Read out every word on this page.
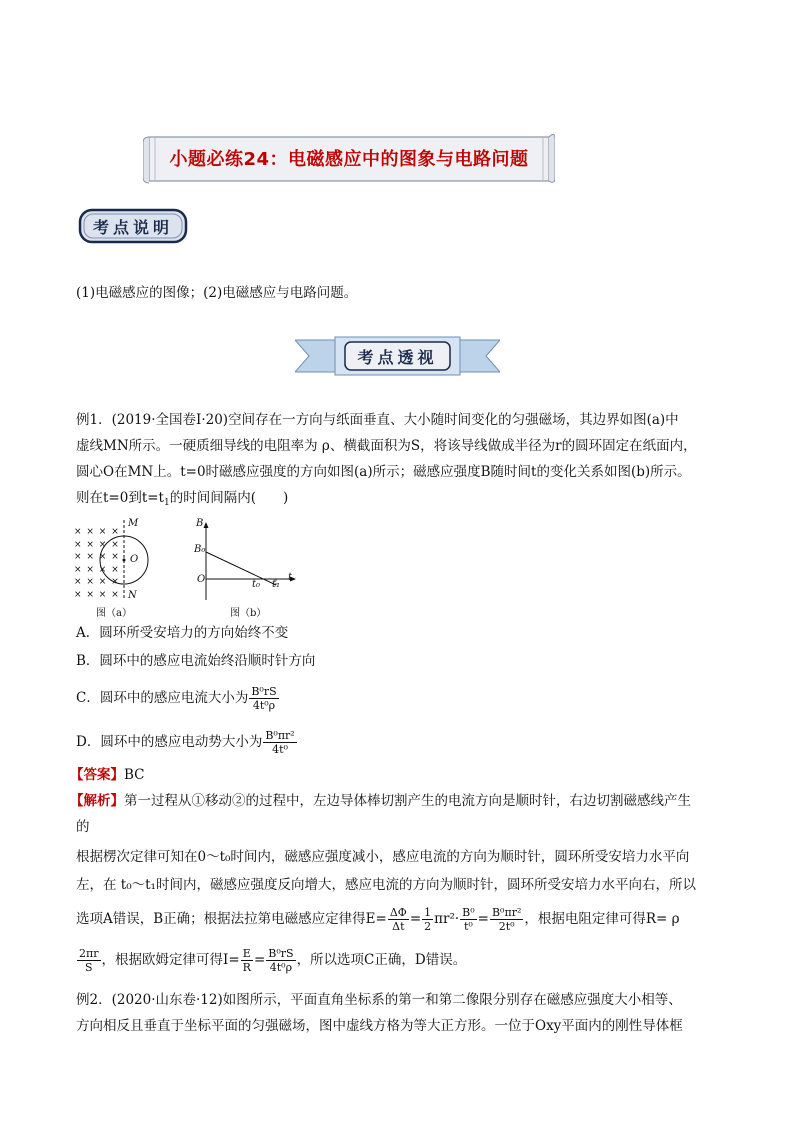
小题必练24：电磁感应中的图象与电路问题
考点说明
(1)电磁感应的图像；(2)电磁感应与电路问题。
考点透视
例1．(2019·全国卷Ⅰ·20)空间存在一方向与纸面垂直、大小随时间变化的匀强磁场，其边界如图(a)中
虚线MN所示。一硬质细导线的电阻率为 ρ、横截面积为S，将该导线做成半径为r的圆环固定在纸面内，
圆心O在MN上。t=0时磁感应强度的方向如图(a)所示；磁感应强度B随时间t的变化关系如图(b)所示。
则在t=0到$t=t_1$的时间间隔内(　　)
× × × ×
× × × ×
× × × ×
× × × ×
× × × ×
× × × ×
M
N
O
图（a）
B
B₀
O	t₀ t₁
t
图（b）
A．圆环所受安培力的方向始终不变
B．圆环中的感应电流始终沿顺时针方向
C．圆环中的感应电流大小为 $\frac{\text{B⁰rS}}{\text{4t⁰ρ}}$
D．圆环中的感应电动势大小为 $\frac{\text{B⁰πr²}}{\text{4t⁰}}$
【答案】BC
【解析】第一过程从①移动②的过程中，左边导体棒切割产生的电流方向是顺时针，右边切割磁感线产生
的
根据楞次定律可知在0～t₀时间内，磁感应强度减小，感应电流的方向为顺时针，圆环所受安培力水平向
左，在 t₀～t₁时间内，磁感应强度反向增大，感应电流的方向为顺时针，圆环所受安培力水平向右，所以
选项A错误，B正确；根据法拉第电磁感应定律得$E= \frac{\Delta\Phi}{\Delta t} = \frac{1}{2} \pi r^2\cdot \frac{\text{B⁰}}{\text{t⁰}} = \frac{\text{B⁰πr²}}{\text{2t⁰}}$ ，根据电阻定律可得R= ρ
$\frac{2\pi r}{S}$ ，根据欧姆定律可得$I= \frac{E}{R} = \frac{\text{B⁰rS}}{\text{4t⁰ρ}}$ ，所以选项C正确，D错误。
例2．(2020·山东卷·12)如图所示，平面直角坐标系的第一和第二像限分别存在磁感应强度大小相等、
方向相反且垂直于坐标平面的匀强磁场，图中虚线方格为等大正方形。一位于Oxy平面内的刚性导体框
